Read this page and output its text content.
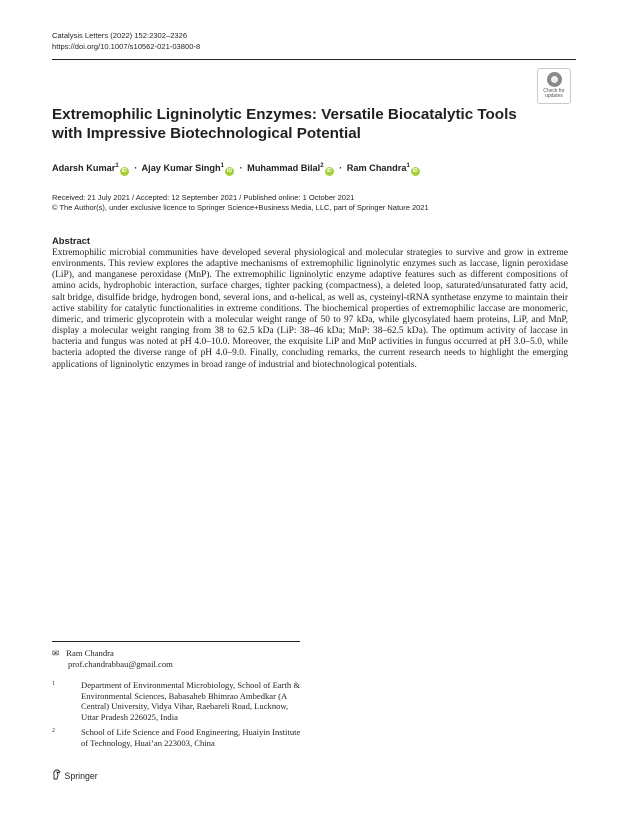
Catalysis Letters (2022) 152:2302–2326
https://doi.org/10.1007/s10562-021-03800-8
Check for
updates
Extremophilic Ligninolytic Enzymes: Versatile Biocatalytic Tools with Impressive Biotechnological Potential
Adarsh Kumar$^1$iD · Ajay Kumar Singh$^1$iD · Muhammad Bilal$^2$iD · Ram Chandra$^1$iD
Received: 21 July 2021 / Accepted: 12 September 2021 / Published online: 1 October 2021
© The Author(s), under exclusive licence to Springer Science+Business Media, LLC, part of Springer Nature 2021
Abstract

Extremophilic microbial communities have developed several physiological and molecular strategies to survive and grow in extreme environments. This review explores the adaptive mechanisms of extremophilic ligninolytic enzymes such as laccase, lignin peroxidase (LiP), and manganese peroxidase (MnP). The extremophilic ligninolytic enzyme adaptive features such as different compositions of amino acids, hydrophobic interaction, surface charges, tighter packing (compactness), a deleted loop, saturated/unsaturated fatty acid, salt bridge, disulfide bridge, hydrogen bond, several ions, and α-helical, as well as, cysteinyl-tRNA synthetase enzyme to maintain their active stability for catalytic functionalities in extreme conditions. The biochemical properties of extremophilic laccase are monomeric, dimeric, and trimeric glycoprotein with a molecular weight range of 50 to 97 kDa, while glycosylated haem proteins, LiP, and MnP, display a molecular weight ranging from 38 to 62.5 kDa (LiP: 38–46 kDa; MnP: 38–62.5 kDa). The optimum activity of laccase in bacteria and fungus was noted at pH 4.0–10.0. Moreover, the exquisite LiP and MnP activities in fungus occurred at pH 3.0–5.0, while bacteria adopted the diverse range of pH 4.0–9.0. Finally, concluding remarks, the current research needs to highlight the emerging applications of ligninolytic enzymes in broad range of industrial and biotechnological potentials.

✉ Ram Chandra
prof.chandrabbau@gmail.com
1	Department of Environmental Microbiology, School of Earth & Environmental Sciences, Babasaheb Bhimrao Ambedkar (A Central) University, Vidya Vihar, Raebareli Road, Lucknow, Uttar Pradesh 226025, India
2	School of Life Science and Food Engineering, Huaiyin Institute of Technology, Huai’an 223003, China
Springer
